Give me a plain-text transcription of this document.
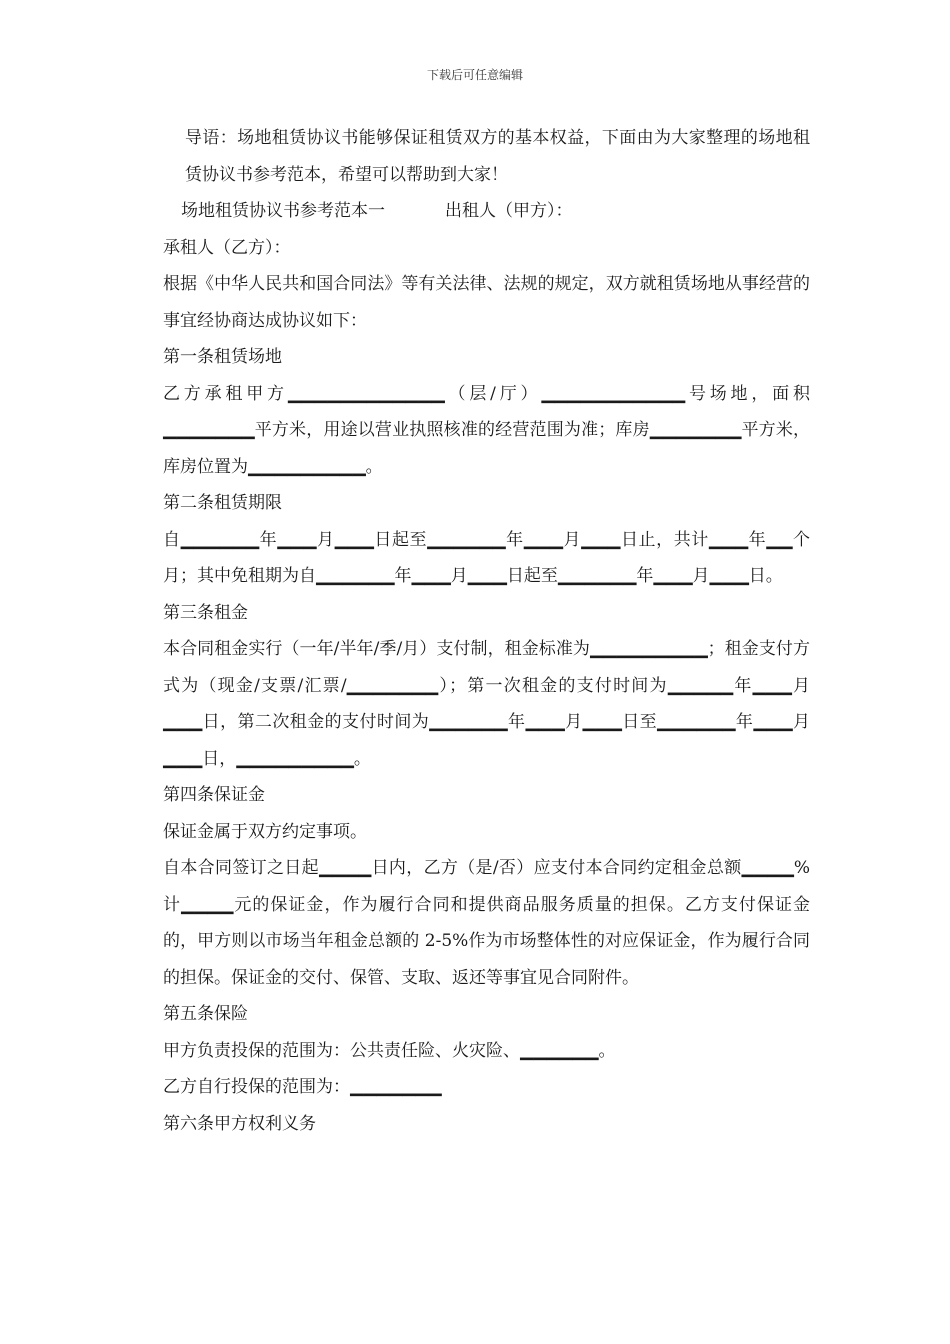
下载后可任意编辑

导语：场地租赁协议书能够保证租赁双方的基本权益，下面由为大家整理的场地租赁协议书参考范本，希望可以帮助到大家！

场地租赁协议书参考范本一	出租人（甲方）：

承租人（乙方）：

根据《中华人民共和国合同法》等有关法律、法规的规定，双方就租赁场地从事经营的事宜经协商达成协议如下：

第一条租赁场地

乙方承租甲方▁▁▁▁▁▁▁▁▁▁▁▁（层/厅）▁▁▁▁▁▁▁▁▁▁▁号场地，面积▁▁▁▁▁▁▁平方米，用途以营业执照核准的经营范围为准；库房▁▁▁▁▁▁▁平方米，库房位置为▁▁▁▁▁▁▁▁▁。

第二条租赁期限

自▁▁▁▁▁▁年▁▁▁月▁▁▁日起至▁▁▁▁▁▁年▁▁▁月▁▁▁日止，共计▁▁▁年▁▁个月；其中免租期为自▁▁▁▁▁▁年▁▁▁月▁▁▁日起至▁▁▁▁▁▁年▁▁▁月▁▁▁日。

第三条租金

本合同租金实行（一年/半年/季/月）支付制，租金标准为▁▁▁▁▁▁▁▁▁；租金支付方式为（现金/支票/汇票/▁▁▁▁▁▁▁）；第一次租金的支付时间为▁▁▁▁▁年▁▁▁月▁▁▁日，第二次租金的支付时间为▁▁▁▁▁▁年▁▁▁月▁▁▁日至▁▁▁▁▁▁年▁▁▁月▁▁▁日，▁▁▁▁▁▁▁▁▁。

第四条保证金

保证金属于双方约定事项。

自本合同签订之日起▁▁▁▁日内，乙方（是/否）应支付本合同约定租金总额▁▁▁▁%计▁▁▁▁元的保证金，作为履行合同和提供商品服务质量的担保。乙方支付保证金的，甲方则以市场当年租金总额的 2-5%作为市场整体性的对应保证金，作为履行合同的担保。保证金的交付、保管、支取、返还等事宜见合同附件。

第五条保险

甲方负责投保的范围为：公共责任险、火灾险、▁▁▁▁▁▁。

乙方自行投保的范围为：▁▁▁▁▁▁▁

第六条甲方权利义务
